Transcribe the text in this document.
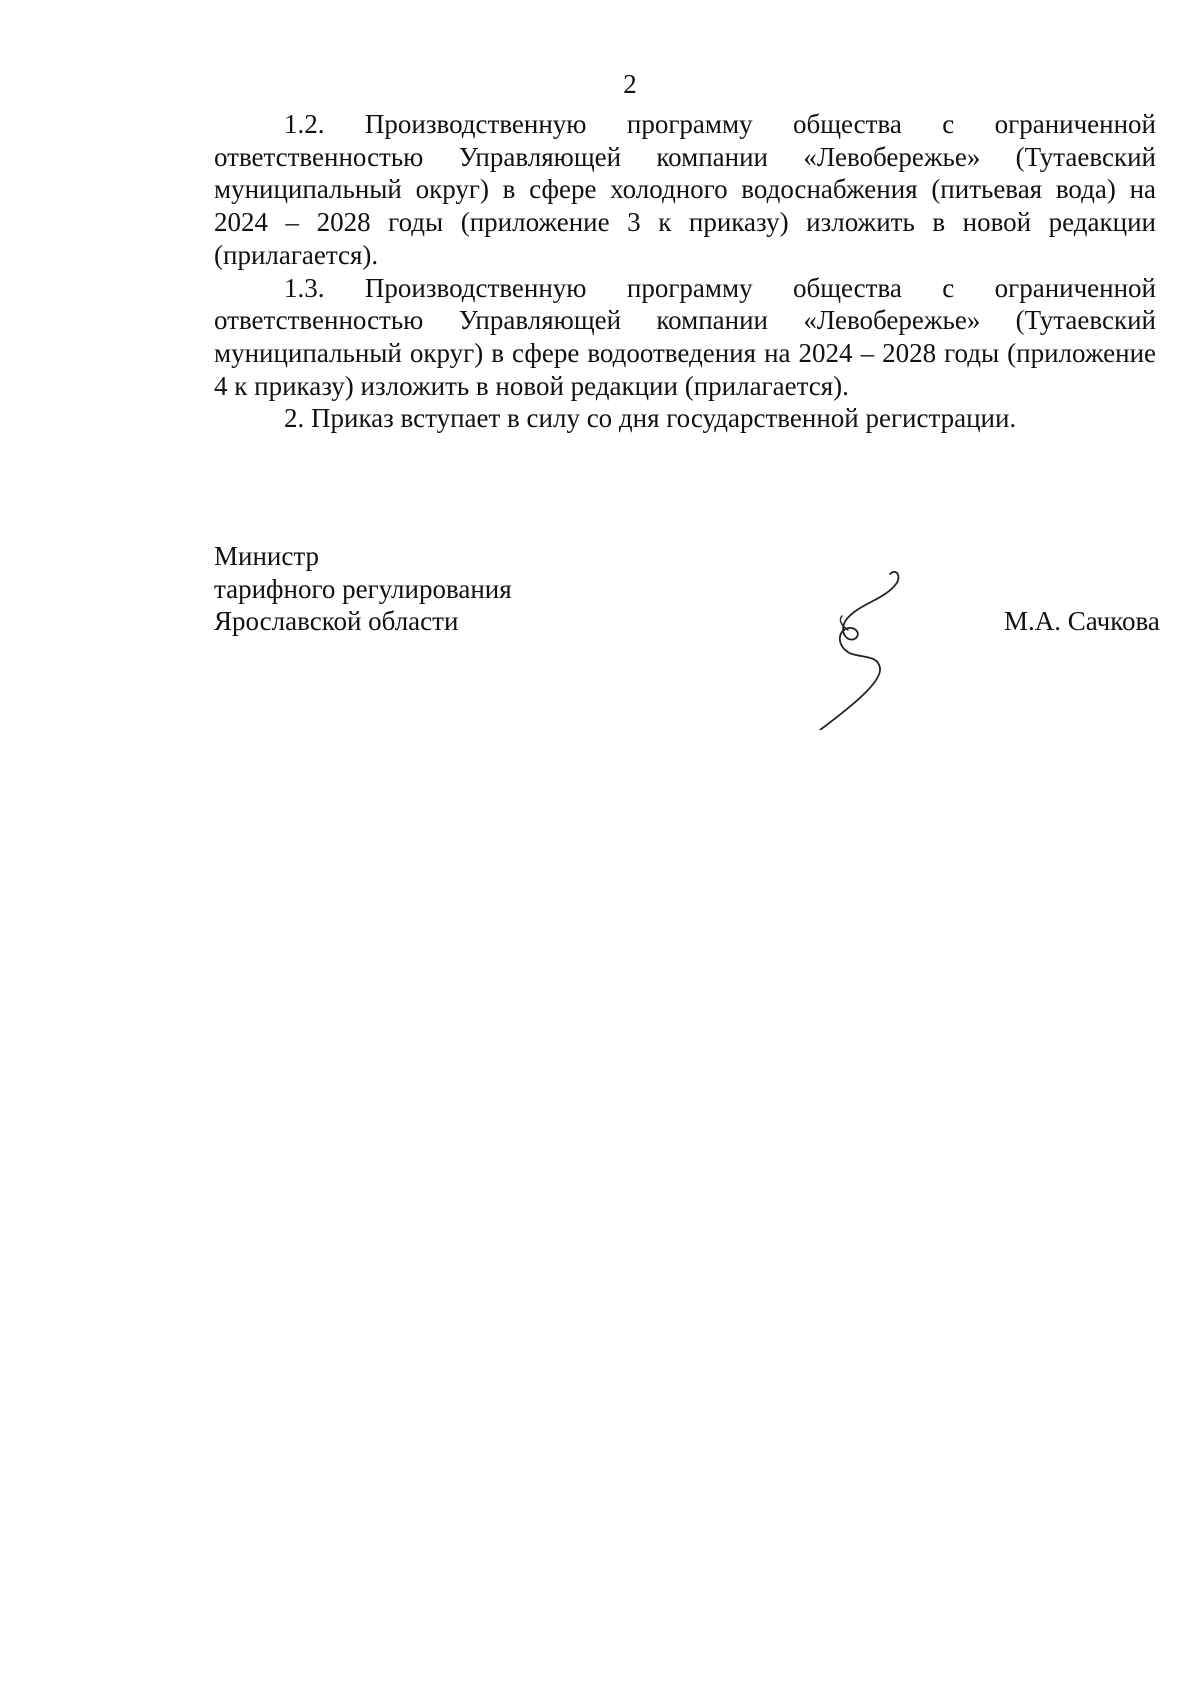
2

1.2. Производственную программу общества с ограниченной ответственностью Управляющей компании «Левобережье» (Тутаевский муниципальный округ) в сфере холодного водоснабжения (питьевая вода) на 2024 – 2028 годы (приложение 3 к приказу) изложить в новой редакции (прилагается).

1.3. Производственную программу общества с ограниченной ответственностью Управляющей компании «Левобережье» (Тутаевский муниципальный округ) в сфере водоотведения на 2024 – 2028 годы (приложение 4 к приказу) изложить в новой редакции (прилагается).

2. Приказ вступает в силу со дня государственной регистрации.

Министр
тарифного регулирования
Ярославской области	М.А. Сачкова
